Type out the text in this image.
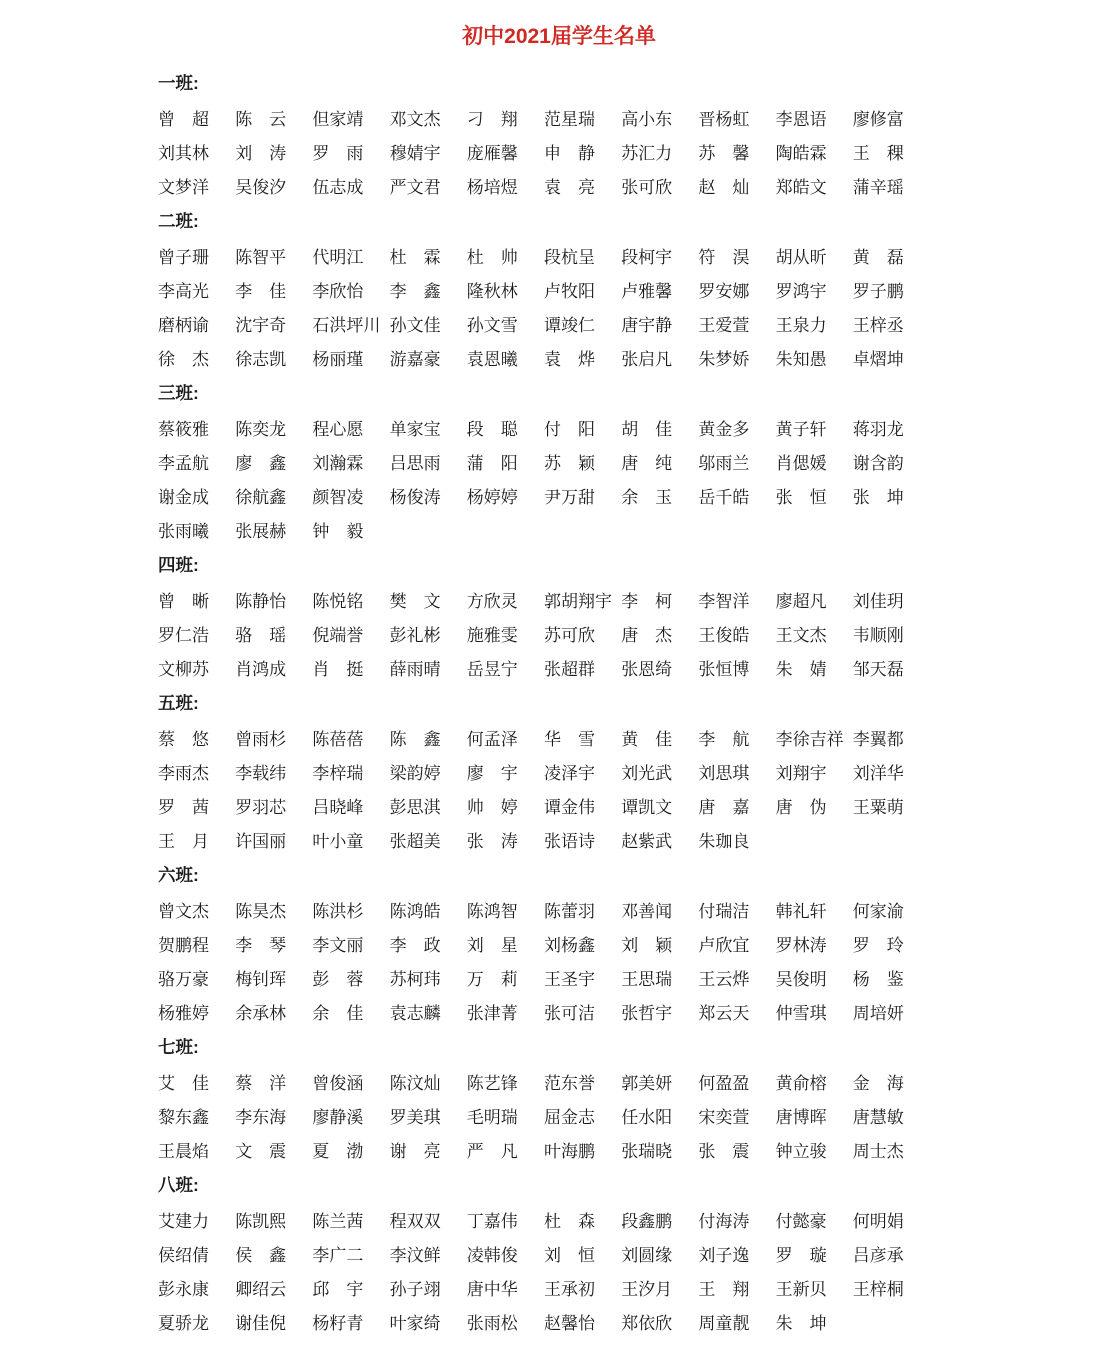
初中2021届学生名单
一班:
曾超 陈云 但家靖 邓文杰 刁翔 范星瑞 高小东 晋杨虹 李恩语 廖修富
刘其林 刘涛 罗雨 穆婧宇 庞雁馨 申静 苏汇力 苏馨 陶皓霖 王稞
文梦洋 吴俊汐 伍志成 严文君 杨培煜 袁亮 张可欣 赵灿 郑皓文 蒲辛瑶
二班:
曾子珊 陈智平 代明江 杜霖 杜帅 段杭呈 段柯宇 符淏 胡从昕 黄磊
李高光 李佳 李欣怡 李鑫 隆秋林 卢牧阳 卢雅馨 罗安娜 罗鸿宇 罗子鹏
磨柄谕 沈宇奇 石洪坪川 孙文佳 孙文雪 谭竣仁 唐宇静 王爱萱 王泉力 王梓丞
徐杰 徐志凯 杨丽瑾 游嘉豪 袁恩曦 袁烨 张启凡 朱梦娇 朱知愚 卓熠坤
三班:
蔡筱雅 陈奕龙 程心愿 单家宝 段聪 付阳 胡佳 黄金多 黄子轩 蒋羽龙
李孟航 廖鑫 刘瀚霖 吕思雨 蒲阳 苏颖 唐纯 邬雨兰 肖偲媛 谢含韵
谢金成 徐航鑫 颜智凌 杨俊涛 杨婷婷 尹万甜 余玉 岳千皓 张恒 张坤
张雨曦 张展赫 钟毅
四班:
曾晰 陈静怡 陈悦铭 樊文 方欣灵 郭胡翔宇 李柯 李智洋 廖超凡 刘佳玥
罗仁浩 骆瑶 倪端誉 彭礼彬 施雅雯 苏可欣 唐杰 王俊皓 王文杰 韦顺刚
文柳苏 肖鸿成 肖挺 薛雨晴 岳昱宁 张超群 张恩绮 张恒博 朱婧 邹天磊
五班:
蔡悠 曾雨杉 陈蓓蓓 陈鑫 何孟泽 华雪 黄佳 李航 李徐吉祥 李翼都
李雨杰 李载纬 李梓瑞 梁韵婷 廖宇 凌泽宇 刘光武 刘思琪 刘翔宇 刘洋华
罗茜 罗羽芯 吕晓峰 彭思淇 帅婷 谭金伟 谭凯文 唐嘉 唐伪 王粟萌
王月 许国丽 叶小童 张超美 张涛 张语诗 赵紫武 朱珈良
六班:
曾文杰 陈昊杰 陈洪杉 陈鸿皓 陈鸿智 陈蕾羽 邓善闻 付瑞洁 韩礼轩 何家渝
贺鹏程 李琴 李文丽 李政 刘星 刘杨鑫 刘颖 卢欣宜 罗林涛 罗玲
骆万豪 梅钊珲 彭蓉 苏柯玮 万莉 王圣宇 王思瑞 王云烨 吴俊明 杨鉴
杨雅婷 余承林 余佳 袁志麟 张津菁 张可洁 张哲宇 郑云天 仲雪琪 周培妍
七班:
艾佳 蔡洋 曾俊涵 陈汶灿 陈艺锋 范东誉 郭美妍 何盈盈 黄俞榕 金海
黎东鑫 李东海 廖静溪 罗美琪 毛明瑞 屈金志 任水阳 宋奕萱 唐博晖 唐慧敏
王晨焰 文震 夏渤 谢亮 严凡 叶海鹏 张瑞晓 张震 钟立骏 周士杰
八班:
艾建力 陈凯熙 陈兰茜 程双双 丁嘉伟 杜森 段鑫鹏 付海涛 付懿豪 何明娟
侯绍倩 侯鑫 李广二 李汶鲜 凌韩俊 刘恒 刘圆缘 刘子逸 罗璇 吕彦承
彭永康 卿绍云 邱宇 孙子翊 唐中华 王承初 王汐月 王翔 王新贝 王梓桐
夏骄龙 谢佳倪 杨籽青 叶家绮 张雨松 赵馨怡 郑依欣 周童靓 朱坤
